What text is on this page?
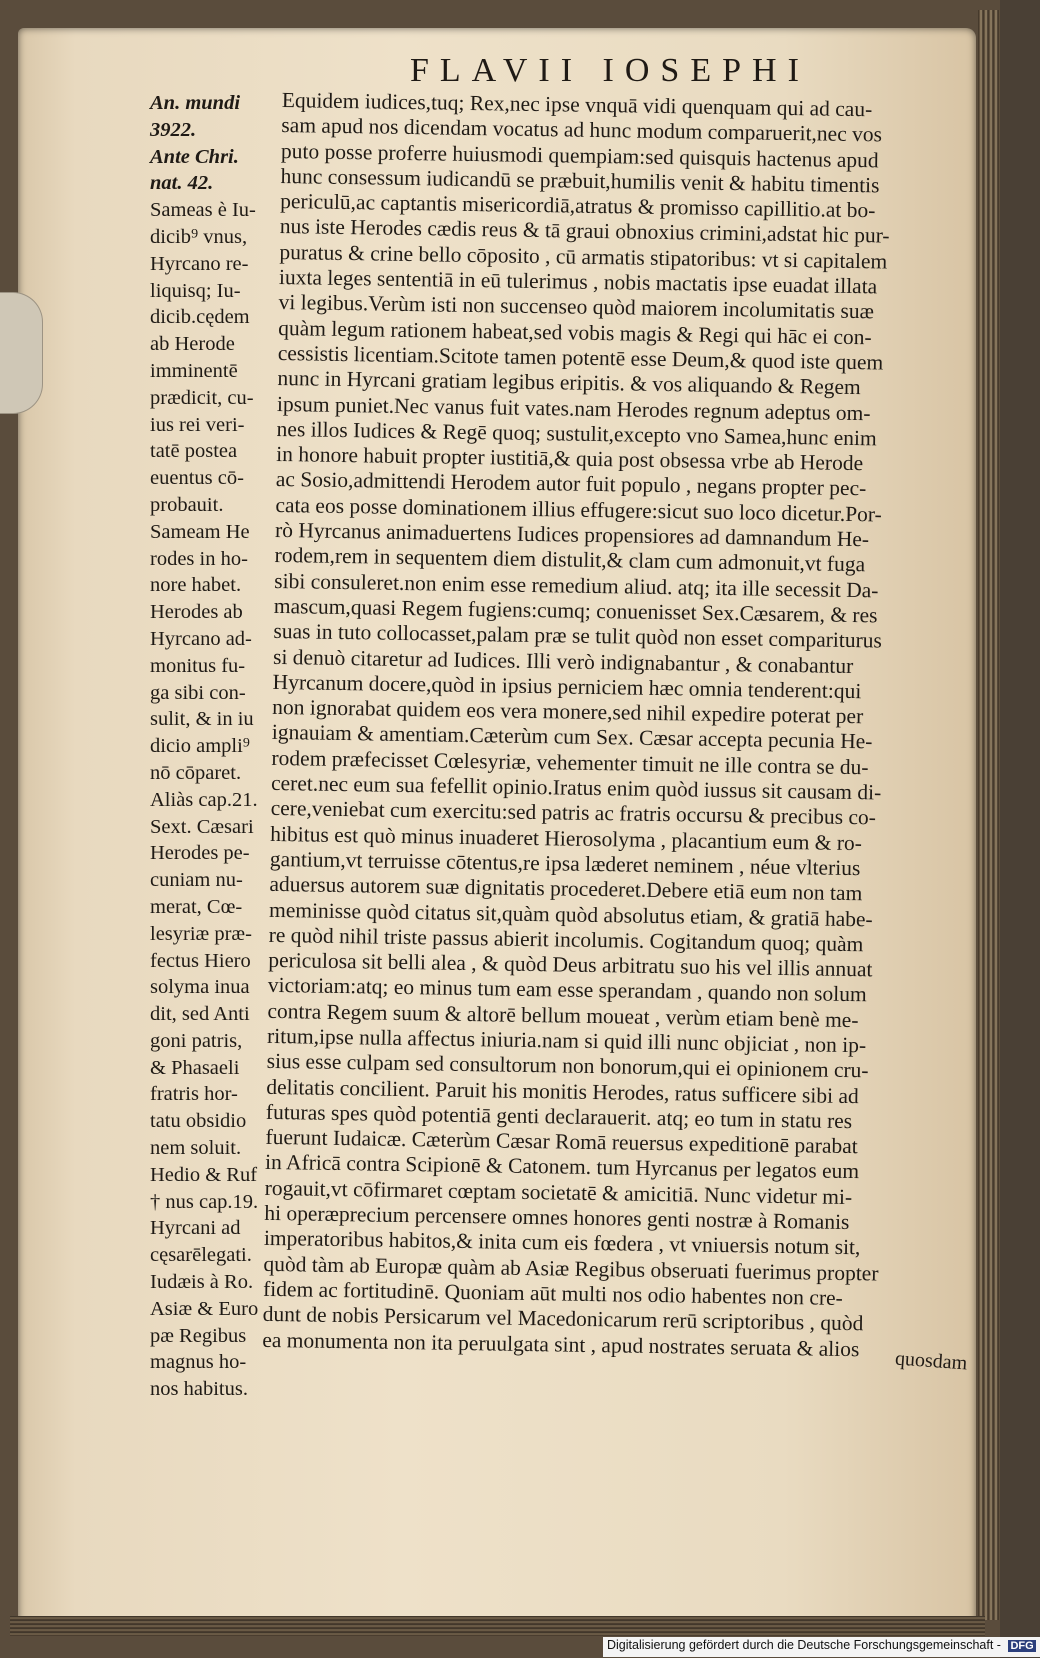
FLAVII IOSEPHI
An. mundi
3922.
Ante Chri.
nat. 42.
Sameas è Iu-
dicib⁹ vnus,
Hyrcano re-
liquisq; Iu-
dicib.cędem
ab Herode
imminentē
prædicit, cu-
ius rei veri-
tatē postea
euentus cō-
probauit.
Sameam He
rodes in ho-
nore habet.
Herodes ab
Hyrcano ad-
monitus fu-
ga sibi con-
sulit, & in iu
dicio ampli⁹
nō cōparet.
Aliàs cap.21.
Sext. Cæsari
Herodes pe-
cuniam nu-
merat, Cœ-
lesyriæ præ-
fectus Hiero
solyma inua
dit, sed Anti
goni patris,
& Phasaeli
fratris hor-
tatu obsidio
nem soluit.
Hedio & Ruf
† nus cap.19.
Hyrcani ad
cęsarēlegati.
Iudæis à Ro.
Asiæ & Euro
pæ Regibus
magnus ho-
nos habitus.
Equidem iudices,tuq; Rex,nec ipse vnquā vidi quenquam qui ad cau-
sam apud nos dicendam vocatus ad hunc modum comparuerit,nec vos
puto posse proferre huiusmodi quempiam:sed quisquis hactenus apud
hunc consessum iudicandū se præbuit,humilis venit & habitu timentis
periculū,ac captantis misericordiā,atratus & promisso capillitio.at bo-
nus iste Herodes cædis reus & tā graui obnoxius crimini,adstat hic pur-
puratus & crine bello cōposito , cū armatis stipatoribus: vt si capitalem
iuxta leges sententiā in eū tulerimus , nobis mactatis ipse euadat illata
vi legibus.Verùm isti non succenseo quòd maiorem incolumitatis suæ
quàm legum rationem habeat,sed vobis magis & Regi qui hāc ei con-
cessistis licentiam.Scitote tamen potentē esse Deum,& quod iste quem
nunc in Hyrcani gratiam legibus eripitis. & vos aliquando & Regem
ipsum puniet.Nec vanus fuit vates.nam Herodes regnum adeptus om-
nes illos Iudices & Regē quoq; sustulit,excepto vno Samea,hunc enim
in honore habuit propter iustitiā,& quia post obsessa vrbe ab Herode
ac Sosio,admittendi Herodem autor fuit populo , negans propter pec-
cata eos posse dominationem illius effugere:sicut suo loco dicetur.Por-
rò Hyrcanus animaduertens Iudices propensiores ad damnandum He-
rodem,rem in sequentem diem distulit,& clam cum admonuit,vt fuga
sibi consuleret.non enim esse remedium aliud. atq; ita ille secessit Da-
mascum,quasi Regem fugiens:cumq; conuenisset Sex.Cæsarem, & res
suas in tuto collocasset,palam præ se tulit quòd non esset compariturus
si denuò citaretur ad Iudices. Illi verò indignabantur , & conabantur
Hyrcanum docere,quòd in ipsius perniciem hæc omnia tenderent:qui
non ignorabat quidem eos vera monere,sed nihil expedire poterat per
ignauiam & amentiam.Cæterùm cum Sex. Cæsar accepta pecunia He-
rodem præfecisset Cœlesyriæ, vehementer timuit ne ille contra se du-
ceret.nec eum sua fefellit opinio.Iratus enim quòd iussus sit causam di-
cere,veniebat cum exercitu:sed patris ac fratris occursu & precibus co-
hibitus est quò minus inuaderet Hierosolyma , placantium eum & ro-
gantium,vt terruisse cōtentus,re ipsa læderet neminem , néue vlterius
aduersus autorem suæ dignitatis procederet.Debere etiā eum non tam
meminisse quòd citatus sit,quàm quòd absolutus etiam, & gratiā habe-
re quòd nihil triste passus abierit incolumis. Cogitandum quoq; quàm
periculosa sit belli alea , & quòd Deus arbitratu suo his vel illis annuat
victoriam:atq; eo minus tum eam esse sperandam , quando non solum
contra Regem suum & altorē bellum moueat , verùm etiam benè me-
ritum,ipse nulla affectus iniuria.nam si quid illi nunc objiciat , non ip-
sius esse culpam sed consultorum non bonorum,qui ei opinionem cru-
delitatis concilient. Paruit his monitis Herodes, ratus sufficere sibi ad
futuras spes quòd potentiā genti declarauerit. atq; eo tum in statu res
fuerunt Iudaicæ. Cæterùm Cæsar Romā reuersus expeditionē parabat
in Africā contra Scipionē & Catonem. tum Hyrcanus per legatos eum
rogauit,vt cōfirmaret cœptam societatē & amicitiā. Nunc videtur mi-
hi operæprecium percensere omnes honores genti nostræ à Romanis
imperatoribus habitos,& inita cum eis fœdera , vt vniuersis notum sit,
quòd tàm ab Europæ quàm ab Asiæ Regibus obseruati fuerimus propter
fidem ac fortitudinē. Quoniam aūt multi nos odio habentes non cre-
dunt de nobis Persicarum vel Macedonicarum rerū scriptoribus , quòd
ea monumenta non ita peruulgata sint , apud nostrates seruata & alios
quosdam
Digitalisierung gefördert durch die Deutsche Forschungsgemeinschaft - DFG
